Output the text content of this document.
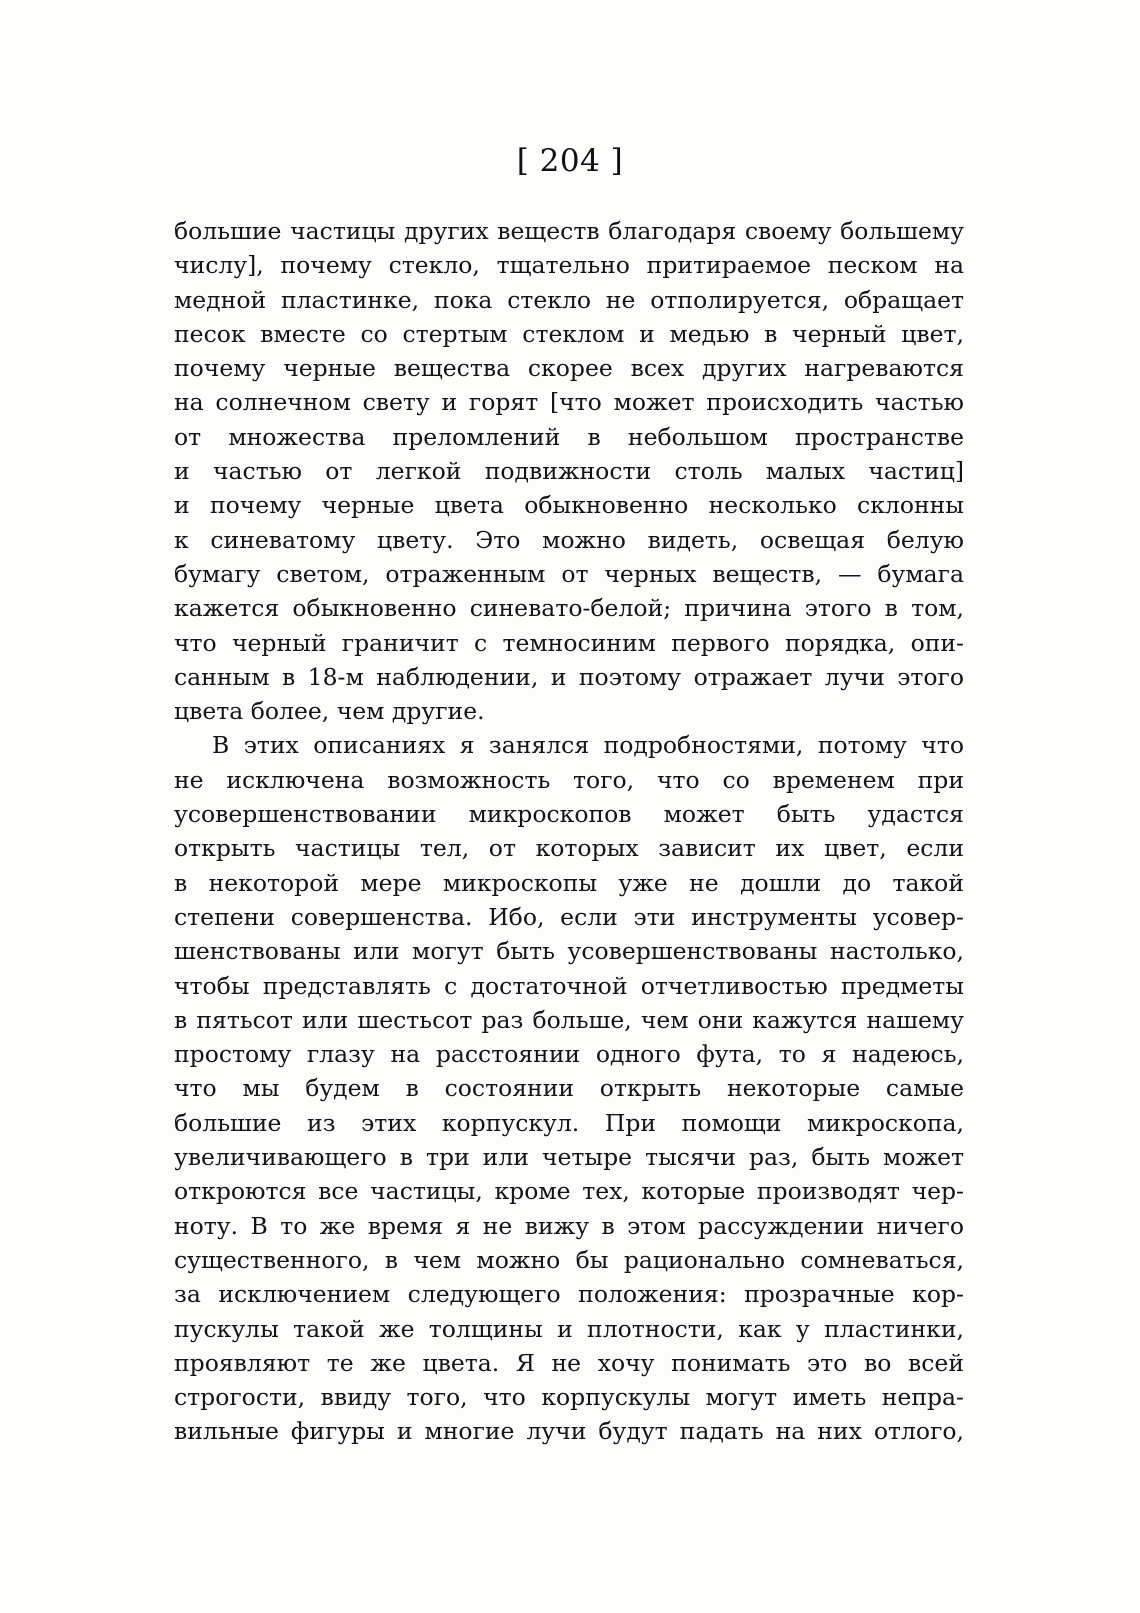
[ 204 ]
большие частицы других веществ благодаря своему большему
числу], почему стекло, тщательно притираемое песком на
медной пластинке, пока стекло не отполируется, обращает
песок вместе со стертым стеклом и медью в черный цвет,
почему черные вещества скорее всех других нагреваются
на солнечном свету и горят [что может происходить частью
от множества преломлений в небольшом пространстве
и частью от легкой подвижности столь малых частиц]
и почему черные цвета обыкновенно несколько склонны
к синеватому цвету. Это можно видеть, освещая белую
бумагу светом, отраженным от черных веществ, — бумага
кажется обыкновенно синевато-белой; причина этого в том,
что черный граничит с темносиним первого порядка, опи-
санным в 18-м наблюдении, и поэтому отражает лучи этого
цвета более, чем другие.
В этих описаниях я занялся подробностями, потому что
не исключена возможность того, что со временем при
усовершенствовании микроскопов может быть удастся
открыть частицы тел, от которых зависит их цвет, если
в некоторой мере микроскопы уже не дошли до такой
степени совершенства. Ибо, если эти инструменты усовер-
шенствованы или могут быть усовершенствованы настолько,
чтобы представлять с достаточной отчетливостью предметы
в пятьсот или шестьсот раз больше, чем они кажутся нашему
простому глазу на расстоянии одного фута, то я надеюсь,
что мы будем в состоянии открыть некоторые самые
большие из этих корпускул. При помощи микроскопа,
увеличивающего в три или четыре тысячи раз, быть может
откроются все частицы, кроме тех, которые производят чер-
ноту. В то же время я не вижу в этом рассуждении ничего
существенного, в чем можно бы рационально сомневаться,
за исключением следующего положения: прозрачные кор-
пускулы такой же толщины и плотности, как у пластинки,
проявляют те же цвета. Я не хочу понимать это во всей
строгости, ввиду того, что корпускулы могут иметь непра-
вильные фигуры и многие лучи будут падать на них отлого,
